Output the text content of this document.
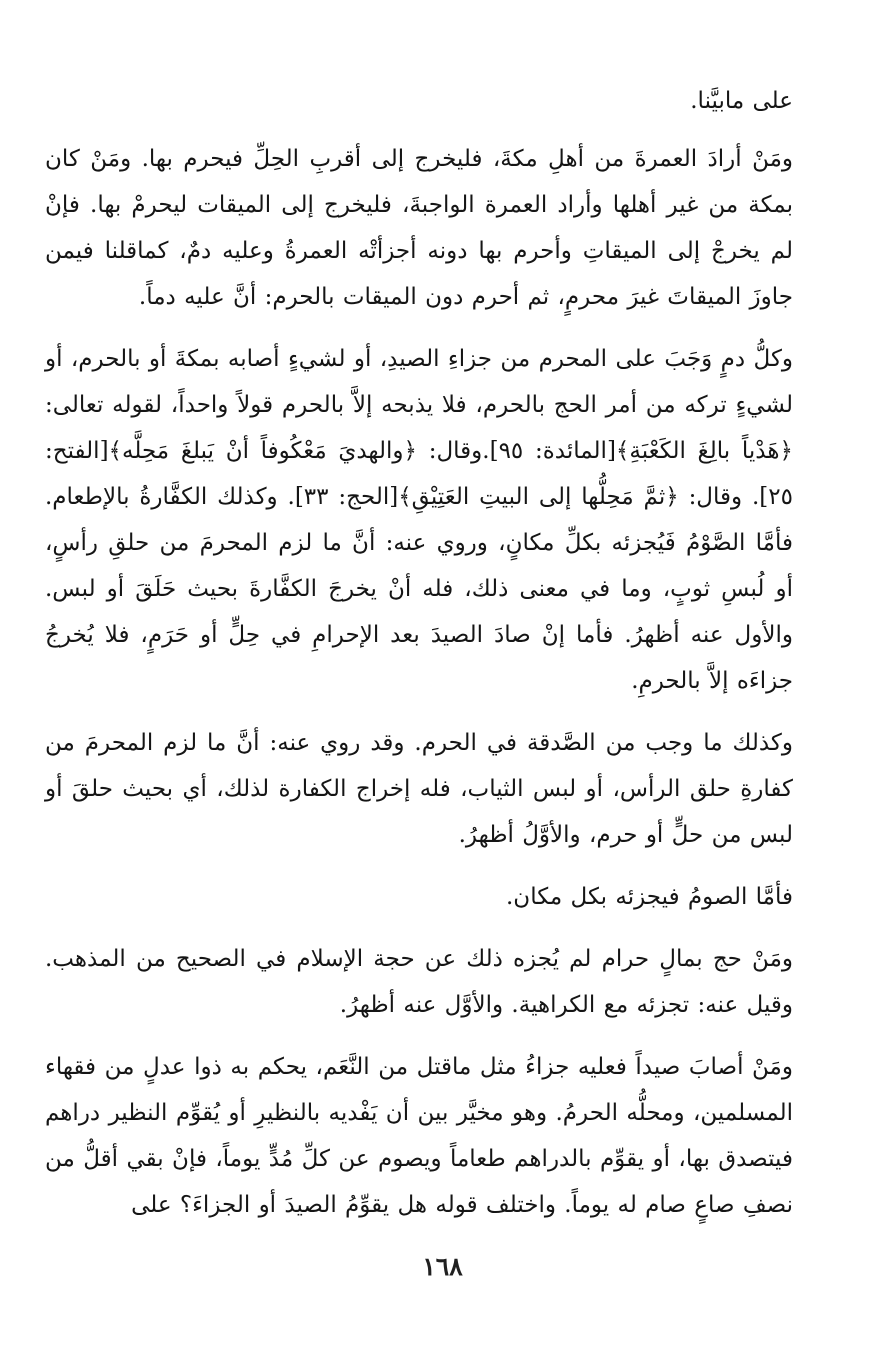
على مابيَّنا.

ومَنْ أرادَ العمرةَ من أهلِ مكةَ، فليخرج إلى أقربِ الحِلِّ فيحرم بها. ومَنْ كان بمكة من غير أهلها وأراد العمرة الواجبةَ، فليخرج إلى الميقات ليحرمْ بها. فإنْ لم يخرجْ إلى الميقاتِ وأحرم بها دونه أجزأتْه العمرةُ وعليه دمٌ، كماقلنا فيمن جاوزَ الميقاتَ غيرَ محرمٍ، ثم أحرم دون الميقات بالحرم: أنَّ عليه دماً.

وكلُّ دمٍ وَجَبَ على المحرم من جزاءِ الصيدِ، أو لشيءٍ أصابه بمكةَ أو بالحرم، أو لشيءٍ تركه من أمر الحج بالحرم، فلا يذبحه إلاَّ بالحرم قولاً واحداً، لقوله تعالى: ﴿هَدْياً بالِغَ الكَعْبَةِ﴾[المائدة: ٩٥].وقال: ﴿والهديَ مَعْكُوفاً أنْ يَبلغَ مَحِلَّه﴾[الفتح: ٢٥]. وقال: ﴿ثمَّ مَحِلُّها إلى البيتِ العَتِيْقِ﴾[الحج: ٣٣]. وكذلك الكفَّارةُ بالإطعام. فأمَّا الصَّوْمُ فَيُجزئه بكلِّ مكانٍ، وروي عنه: أنَّ ما لزم المحرمَ من حلقِ رأسٍ، أو لُبسِ ثوبٍ، وما في معنى ذلك، فله أنْ يخرجَ الكفَّارةَ بحيث حَلَقَ أو لبس. والأول عنه أظهرُ. فأما إنْ صادَ الصيدَ بعد الإحرامِ في حِلٍّ أو حَرَمٍ، فلا يُخرجُ جزاءَه إلاَّ بالحرمِ.

وكذلك ما وجب من الصَّدقة في الحرم. وقد روي عنه: أنَّ ما لزم المحرمَ من كفارةِ حلق الرأس، أو لبس الثياب، فله إخراج الكفارة لذلك، أي بحيث حلقَ أو لبس من حلٍّ أو حرم، والأوَّلُ أظهرُ.

فأمَّا الصومُ فيجزئه بكل مكان.

ومَنْ حج بمالٍ حرام لم يُجزه ذلك عن حجة الإسلام في الصحيح من المذهب. وقيل عنه: تجزئه مع الكراهية. والأوَّل عنه أظهرُ.

ومَنْ أصابَ صيداً فعليه جزاءُ مثل ماقتل من النَّعَم، يحكم به ذوا عدلٍ من فقهاء المسلمين، ومحلُّه الحرمُ. وهو مخيَّر بين أن يَفْديه بالنظيرِ أو يُقوِّم النظير دراهم فيتصدق بها، أو يقوِّم بالدراهم طعاماً ويصوم عن كلِّ مُدٍّ يوماً، فإنْ بقي أقلُّ من نصفِ صاعٍ صام له يوماً. واختلف قوله هل يقوِّمُ الصيدَ أو الجزاءَ؟ على

١٦٨
